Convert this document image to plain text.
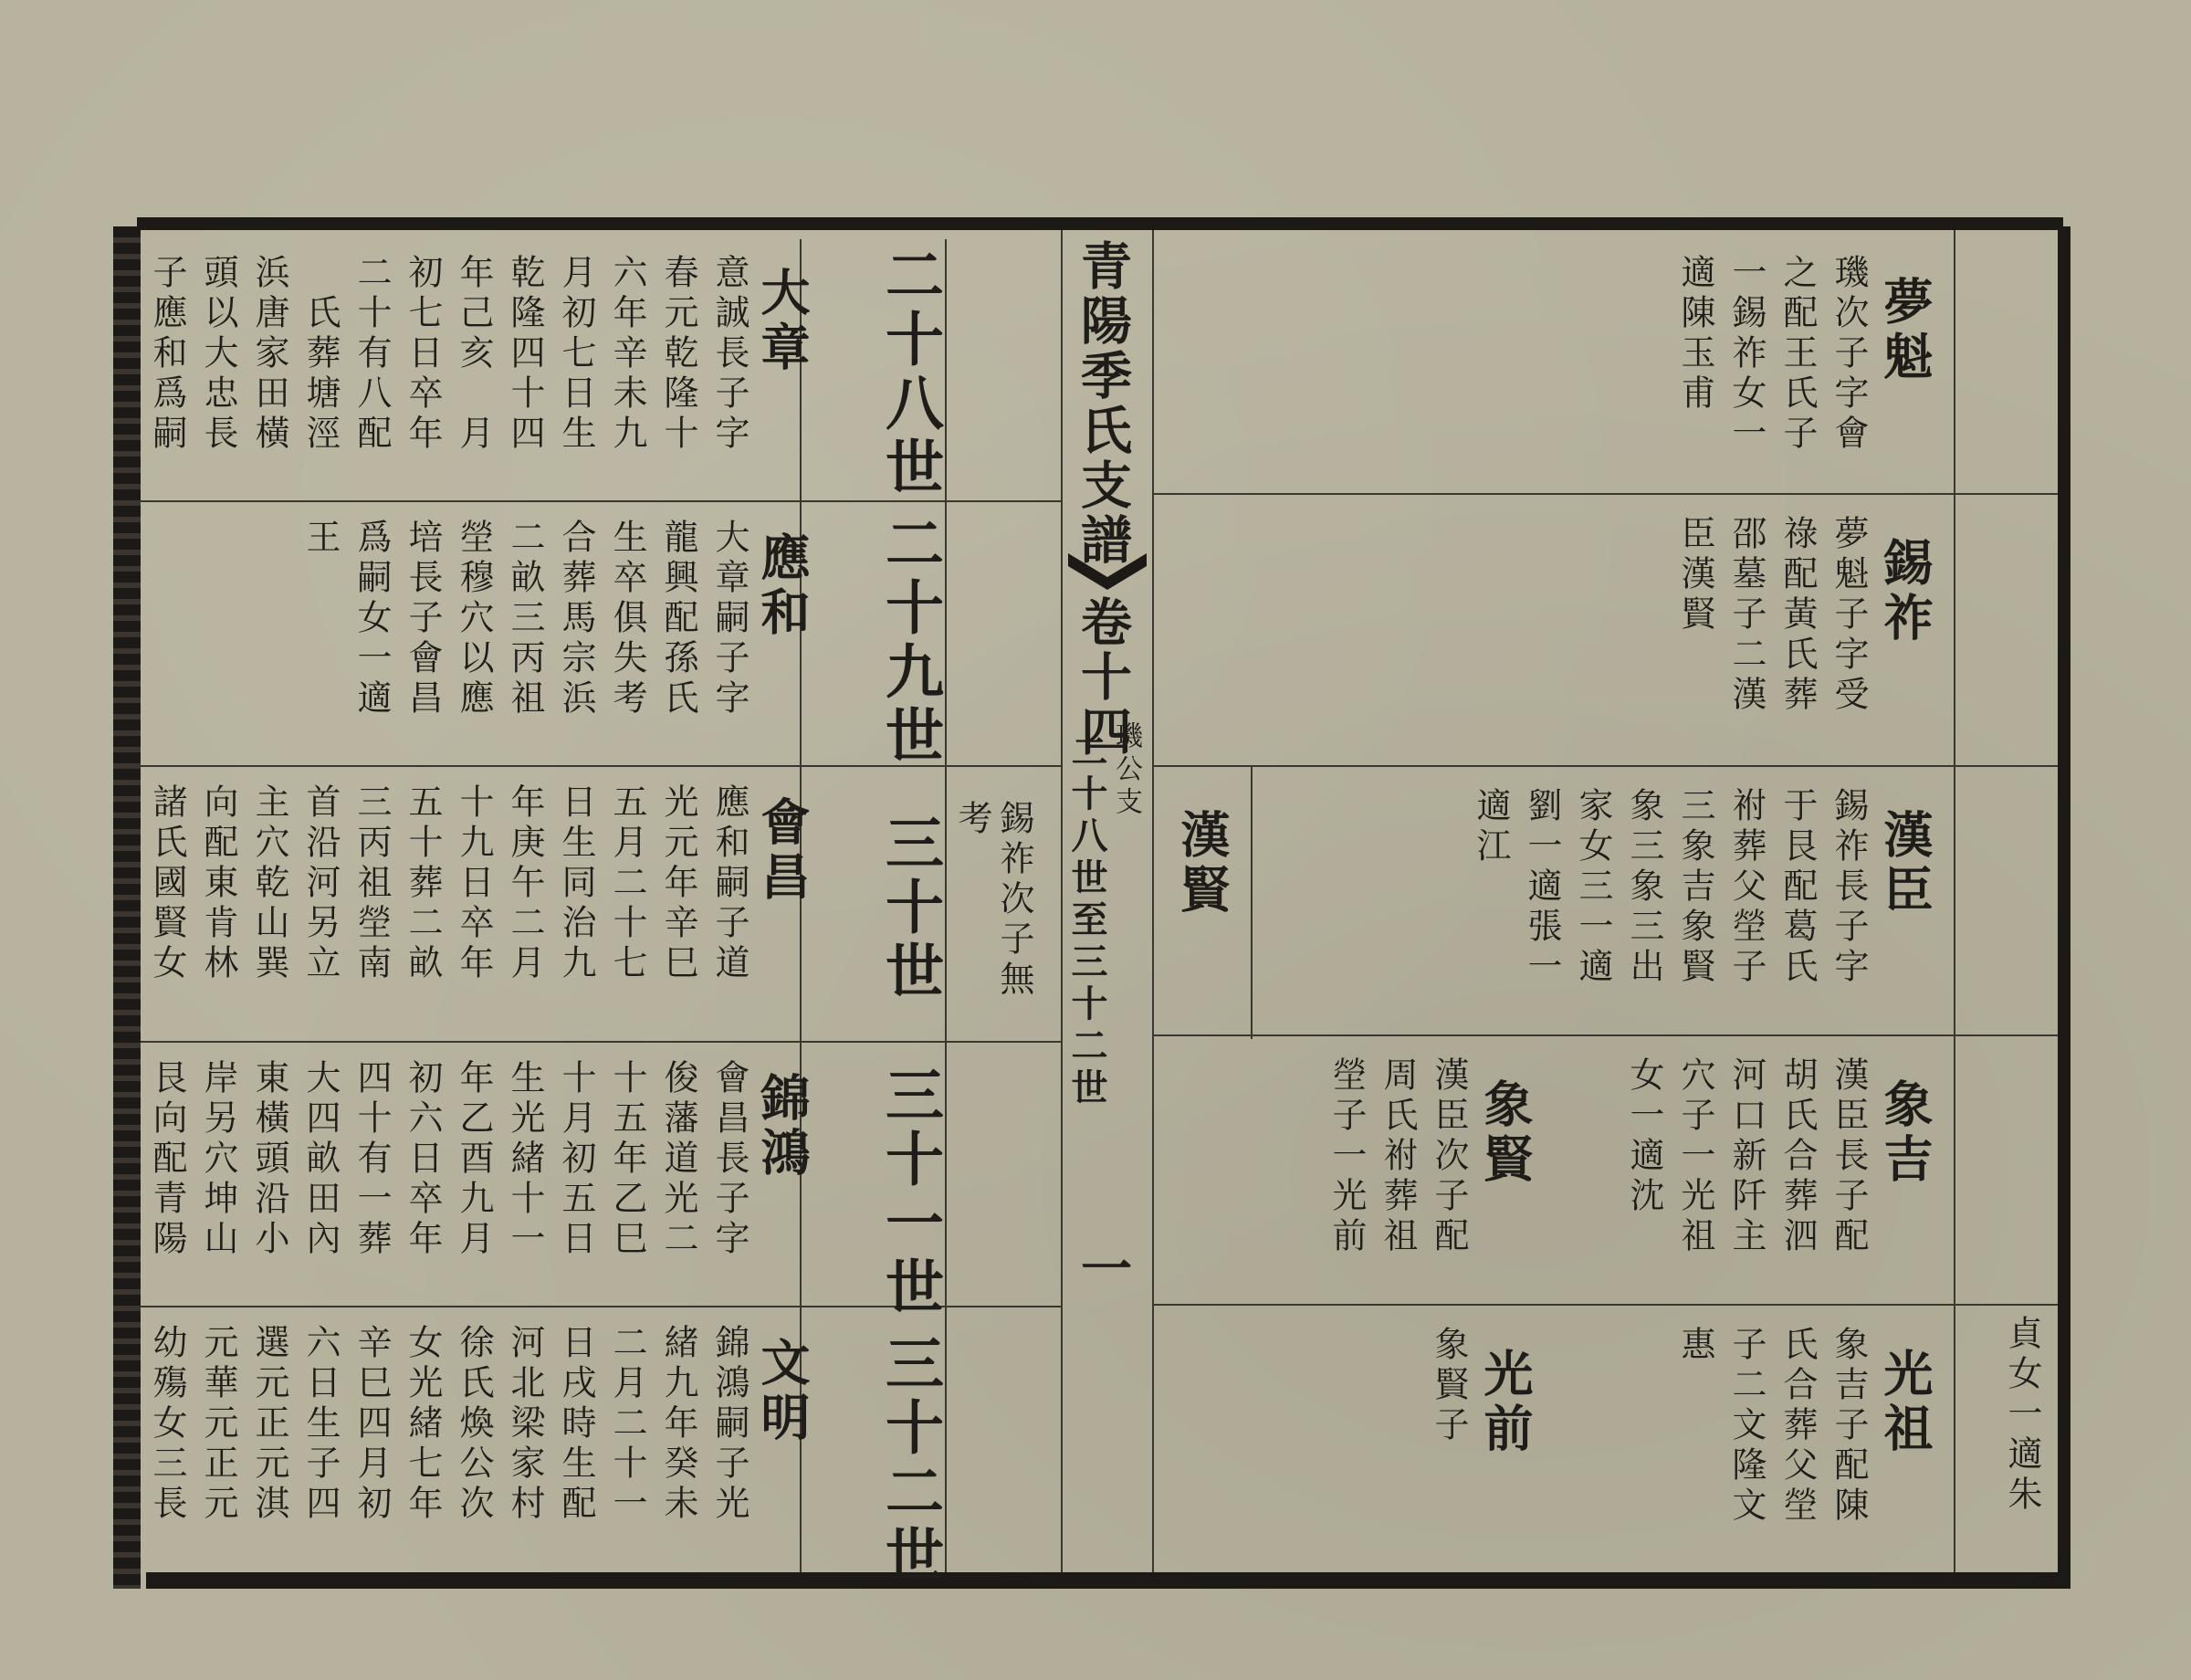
青陽季氏支譜
卷十四
璣公支
二十八世至三十二世
一
二十八世
二十九世
三十世
三十一世
三十二世
錫祚次子無
考
大章
意誠長子字
春元乾隆十
六年辛未九
月初七日生
乾隆四十四
年己亥　月
初七日卒年
二十有八配
　氏葬塘涇
浜唐家田橫
頭以大忠長
子應和爲嗣
應和
大章嗣子字
龍興配孫氏
生卒俱失考
合葬馬宗浜
二畝三丙祖
塋穆穴以應
培長子會昌
爲嗣女一適
王
會昌
應和嗣子道
光元年辛巳
五月二十七
日生同治九
年庚午二月
十九日卒年
五十葬二畝
三丙祖塋南
首沿河另立
主穴乾山巽
向配東肯林
諸氏國賢女
錦鴻
會昌長子字
俊藩道光二
十五年乙巳
十月初五日
生光緒十一
年乙酉九月
初六日卒年
四十有一葬
大四畝田內
東橫頭沿小
岸另穴坤山
艮向配青陽
文明
錦鴻嗣子光
緒九年癸未
二月二十一
日戌時生配
河北梁家村
徐氏煥公次
女光緒七年
辛巳四月初
六日生子四
選元正元淇
元華元正元
幼殤女三長
夢魁
璣次子字會
之配王氏子
一錫祚女一
適陳玉甫
錫祚
夢魁子字受
祿配黃氏葬
邵墓子二漢
臣漢賢
漢臣
錫祚長子字
于艮配葛氏
祔葬父塋子
三象吉象賢
象三象三出
家女三一適
劉一適張一
適江
漢賢
象吉
漢臣長子配
胡氏合葬泗
河口新阡主
穴子一光祖
女一適沈
象賢
漢臣次子配
周氏祔葬祖
塋子一光前
光祖
象吉子配陳
氏合葬父塋
子二文隆文
惠
光前
象賢子	貞女一適朱
